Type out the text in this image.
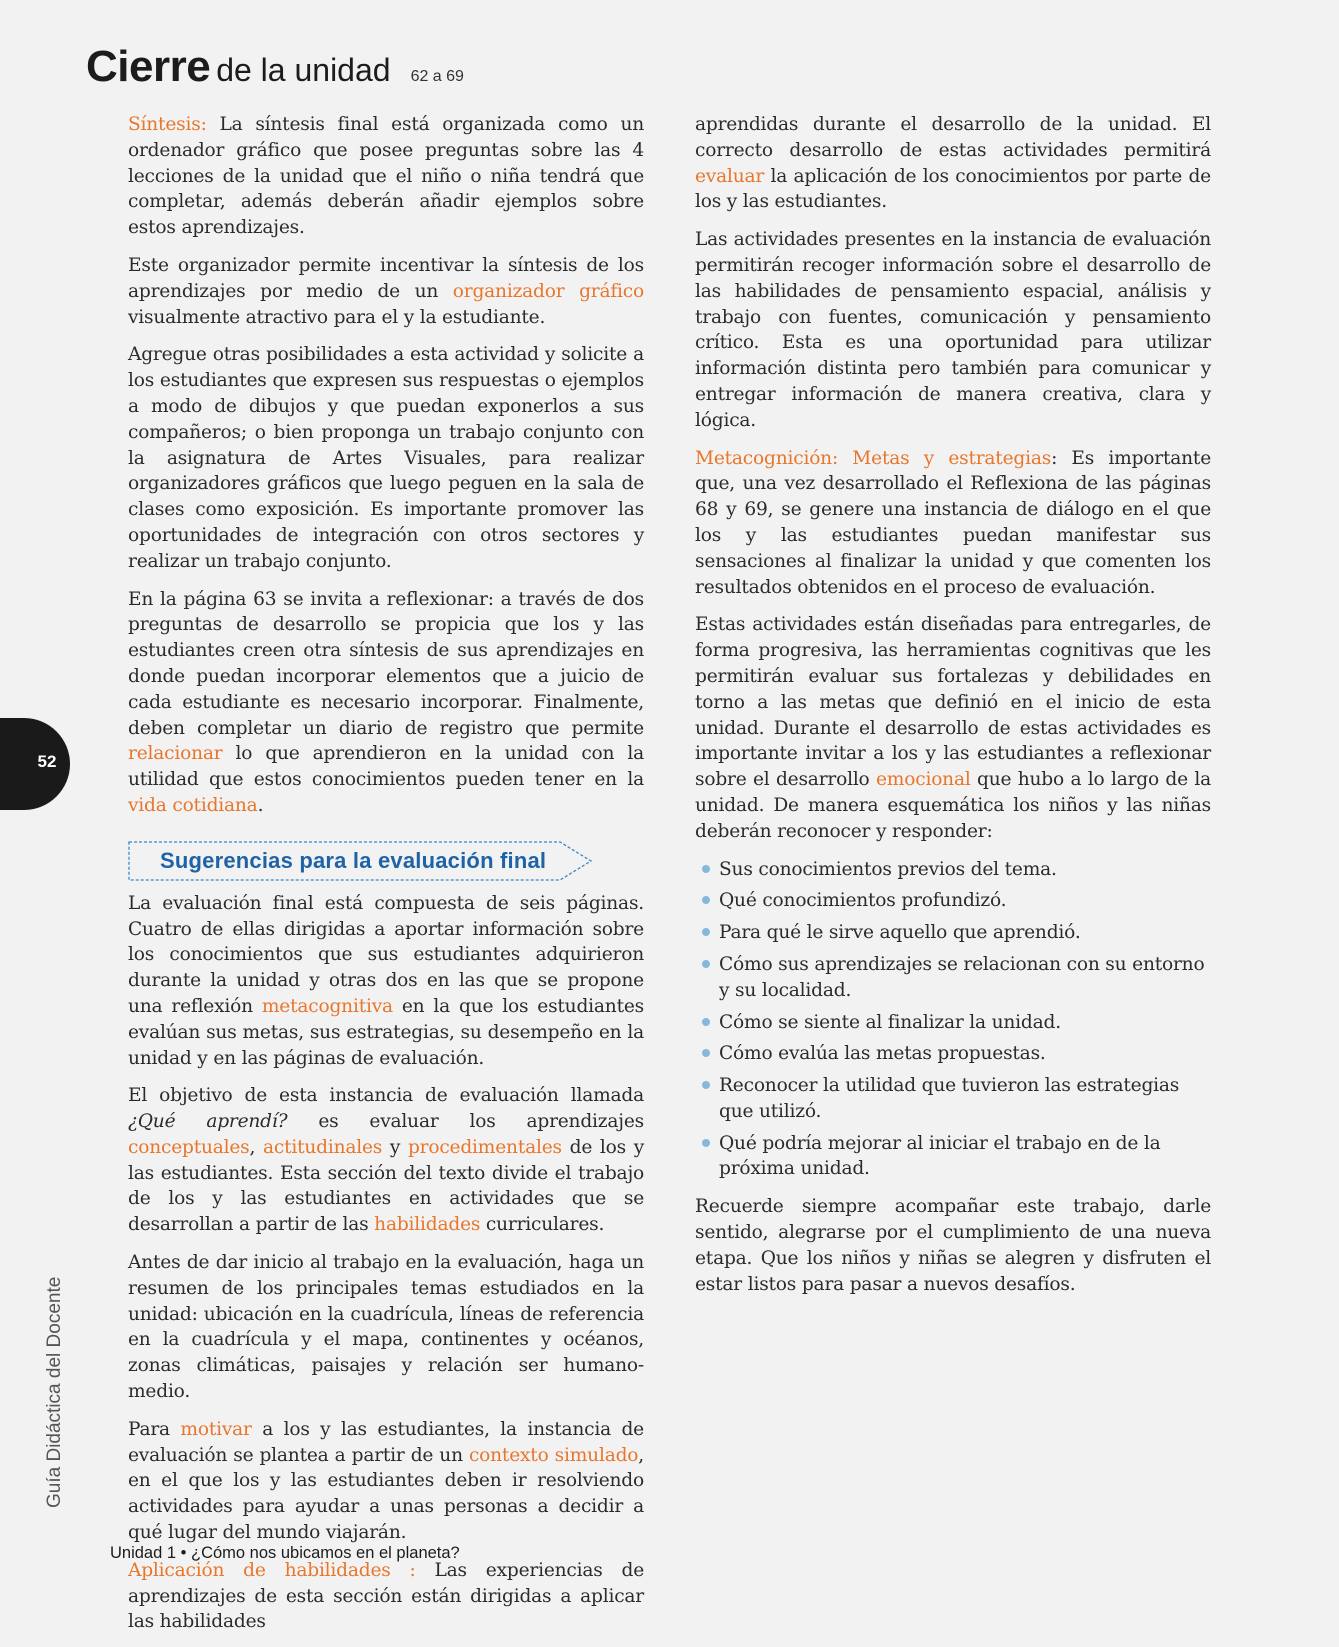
Cierre de la unidad 62 a 69

Síntesis: La síntesis final está organizada como un ordenador gráfico que posee preguntas sobre las 4 lecciones de la unidad que el niño o niña tendrá que completar, además deberán añadir ejemplos sobre estos aprendizajes.

Este organizador permite incentivar la síntesis de los aprendizajes por medio de un organizador gráfico visualmente atractivo para el y la estudiante.

Agregue otras posibilidades a esta actividad y solicite a los estudiantes que expresen sus respuestas o ejemplos a modo de dibujos y que puedan exponerlos a sus compañeros; o bien proponga un trabajo conjunto con la asignatura de Artes Visuales, para realizar organizadores gráficos que luego peguen en la sala de clases como exposición. Es importante promover las oportunidades de integración con otros sectores y realizar un trabajo conjunto.

En la página 63 se invita a reflexionar: a través de dos preguntas de desarrollo se propicia que los y las estudiantes creen otra síntesis de sus aprendizajes en donde puedan incorporar elementos que a juicio de cada estudiante es necesario incorporar. Finalmente, deben completar un diario de registro que permite relacionar lo que aprendieron en la unidad con la utilidad que estos conocimientos pueden tener en la vida cotidiana.

Sugerencias para la evaluación final

La evaluación final está compuesta de seis páginas. Cuatro de ellas dirigidas a aportar información sobre los conocimientos que sus estudiantes adquirieron durante la unidad y otras dos en las que se propone una reflexión metacognitiva en la que los estudiantes evalúan sus metas, sus estrategias, su desempeño en la unidad y en las páginas de evaluación.

El objetivo de esta instancia de evaluación llamada ¿Qué aprendí? es evaluar los aprendizajes conceptuales, actitudinales y procedimentales de los y las estudiantes. Esta sección del texto divide el trabajo de los y las estudiantes en actividades que se desarrollan a partir de las habilidades curriculares.

Antes de dar inicio al trabajo en la evaluación, haga un resumen de los principales temas estudiados en la unidad: ubicación en la cuadrícula, líneas de referencia en la cuadrícula y el mapa, continentes y océanos, zonas climáticas, paisajes y relación ser humano-medio.

Para motivar a los y las estudiantes, la instancia de evaluación se plantea a partir de un contexto simulado, en el que los y las estudiantes deben ir resolviendo actividades para ayudar a unas personas a decidir a qué lugar del mundo viajarán.

Aplicación de habilidades : Las experiencias de aprendizajes de esta sección están dirigidas a aplicar las habilidades

aprendidas durante el desarrollo de la unidad. El correcto desarrollo de estas actividades permitirá evaluar la aplicación de los conocimientos por parte de los y las estudiantes.

Las actividades presentes en la instancia de evaluación permitirán recoger información sobre el desarrollo de las habilidades de pensamiento espacial, análisis y trabajo con fuentes, comunicación y pensamiento crítico. Esta es una oportunidad para utilizar información distinta pero también para comunicar y entregar información de manera creativa, clara y lógica.

Metacognición: Metas y estrategias: Es importante que, una vez desarrollado el Reflexiona de las páginas 68 y 69, se genere una instancia de diálogo en el que los y las estudiantes puedan manifestar sus sensaciones al finalizar la unidad y que comenten los resultados obtenidos en el proceso de evaluación.

Estas actividades están diseñadas para entregarles, de forma progresiva, las herramientas cognitivas que les permitirán evaluar sus fortalezas y debilidades en torno a las metas que definió en el inicio de esta unidad. Durante el desarrollo de estas actividades es importante invitar a los y las estudiantes a reflexionar sobre el desarrollo emocional que hubo a lo largo de la unidad. De manera esquemática los niños y las niñas deberán reconocer y responder:

Sus conocimientos previos del tema.
Qué conocimientos profundizó.
Para qué le sirve aquello que aprendió.
Cómo sus aprendizajes se relacionan con su entorno y su localidad.
Cómo se siente al finalizar la unidad.
Cómo evalúa las metas propuestas.
Reconocer la utilidad que tuvieron las estrategias que utilizó.
Qué podría mejorar al iniciar el trabajo en de la próxima unidad.

Recuerde siempre acompañar este trabajo, darle sentido, alegrarse por el cumplimiento de una nueva etapa. Que los niños y niñas se alegren y disfruten el estar listos para pasar a nuevos desafíos.

52
Guía Didáctica del Docente
Unidad 1 • ¿Cómo nos ubicamos en el planeta?
